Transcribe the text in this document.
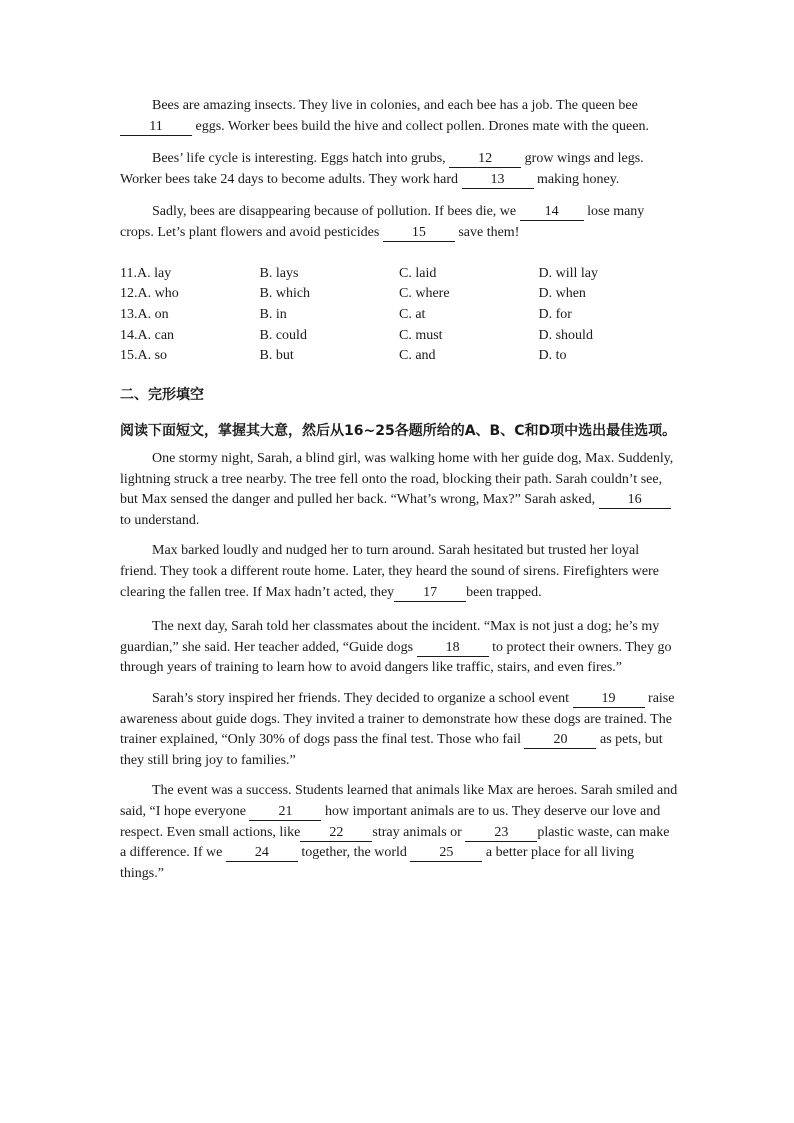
Bees are amazing insects. They live in colonies, and each bee has a job. The queen bee 11 eggs. Worker bees build the hive and collect pollen. Drones mate with the queen.

Bees’ life cycle is interesting. Eggs hatch into grubs, 12 grow wings and legs. Worker bees take 24 days to become adults. They work hard 13 making honey.

Sadly, bees are disappearing because of pollution. If bees die, we 14 lose many crops. Let’s plant flowers and avoid pesticides 15 save them!

11.A. lay	B. lays	C. laid	D. will lay
12.A. who	B. which	C. where	D. when
13.A. on	B. in	C. at	D. for
14.A. can	B. could	C. must	D. should
15.A. so	B. but	C. and	D. to
二、完形填空

阅读下面短文，掌握其大意，然后从16~25各题所给的A、B、C和D项中选出最佳选项。

One stormy night, Sarah, a blind girl, was walking home with her guide dog, Max. Suddenly, lightning struck a tree nearby. The tree fell onto the road, blocking their path. Sarah couldn’t see, but Max sensed the danger and pulled her back. “What’s wrong, Max?” Sarah asked, 16 to understand.

Max barked loudly and nudged her to turn around. Sarah hesitated but trusted her loyal friend. They took a different route home. Later, they heard the sound of sirens. Firefighters were clearing the fallen tree. If Max hadn’t acted, they 17 been trapped.

The next day, Sarah told her classmates about the incident. “Max is not just a dog; he’s my guardian,” she said. Her teacher added, “Guide dogs 18 to protect their owners. They go through years of training to learn how to avoid dangers like traffic, stairs, and even fires.”

Sarah’s story inspired her friends. They decided to organize a school event 19 raise awareness about guide dogs. They invited a trainer to demonstrate how these dogs are trained. The trainer explained, “Only 30% of dogs pass the final test. Those who fail 20 as pets, but they still bring joy to families.”

The event was a success. Students learned that animals like Max are heroes. Sarah smiled and said, “I hope everyone 21 how important animals are to us. They deserve our love and respect. Even small actions, like 22 stray animals or 23 plastic waste, can make a difference. If we 24 together, the world 25 a better place for all living things.”
